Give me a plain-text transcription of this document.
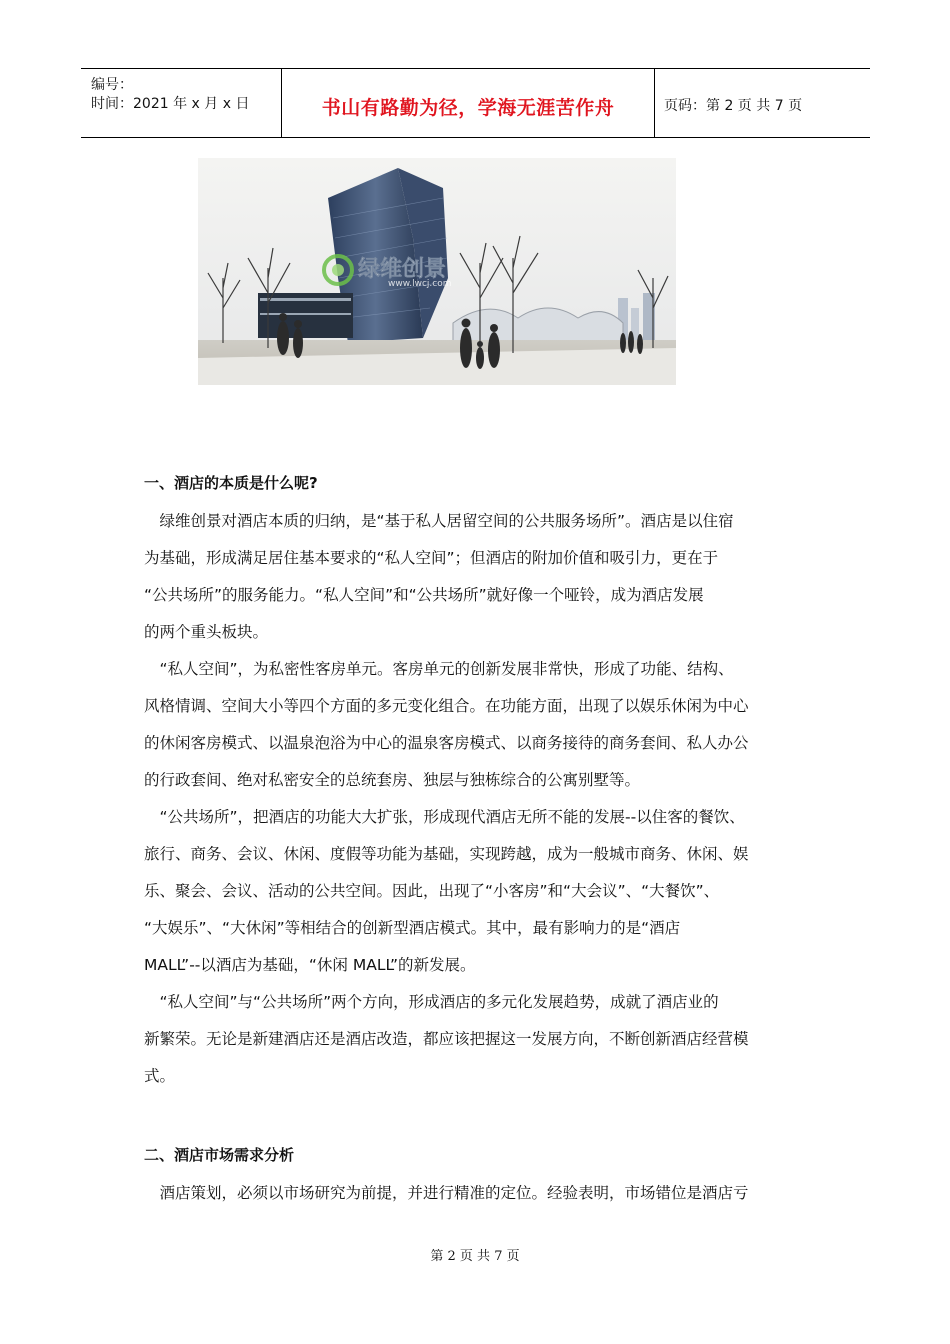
编号：
时间：2021 年 x 月 x 日	书山有路勤为径，学海无涯苦作舟	页码：第 2 页 共 7 页
绿维创景
www.lwcj.com
一、酒店的本质是什么呢?
　绿维创景对酒店本质的归纳，是“基于私人居留空间的公共服务场所”。酒店是以住宿
为基础，形成满足居住基本要求的“私人空间”；但酒店的附加价值和吸引力，更在于
“公共场所”的服务能力。“私人空间”和“公共场所”就好像一个哑铃，成为酒店发展
的两个重头板块。
　“私人空间”，为私密性客房单元。客房单元的创新发展非常快，形成了功能、结构、
风格情调、空间大小等四个方面的多元变化组合。在功能方面，出现了以娱乐休闲为中心
的休闲客房模式、以温泉泡浴为中心的温泉客房模式、以商务接待的商务套间、私人办公
的行政套间、绝对私密安全的总统套房、独层与独栋综合的公寓别墅等。
　“公共场所”，把酒店的功能大大扩张，形成现代酒店无所不能的发展--以住客的餐饮、
旅行、商务、会议、休闲、度假等功能为基础，实现跨越，成为一般城市商务、休闲、娱
乐、聚会、会议、活动的公共空间。因此，出现了“小客房”和“大会议”、“大餐饮”、
“大娱乐”、“大休闲”等相结合的创新型酒店模式。其中，最有影响力的是“酒店
MALL”--以酒店为基础，“休闲 MALL”的新发展。
　“私人空间”与“公共场所”两个方向，形成酒店的多元化发展趋势，成就了酒店业的
新繁荣。无论是新建酒店还是酒店改造，都应该把握这一发展方向，不断创新酒店经营模
式。
二、酒店市场需求分析
　酒店策划，必须以市场研究为前提，并进行精准的定位。经验表明，市场错位是酒店亏
第 2 页 共 7 页
